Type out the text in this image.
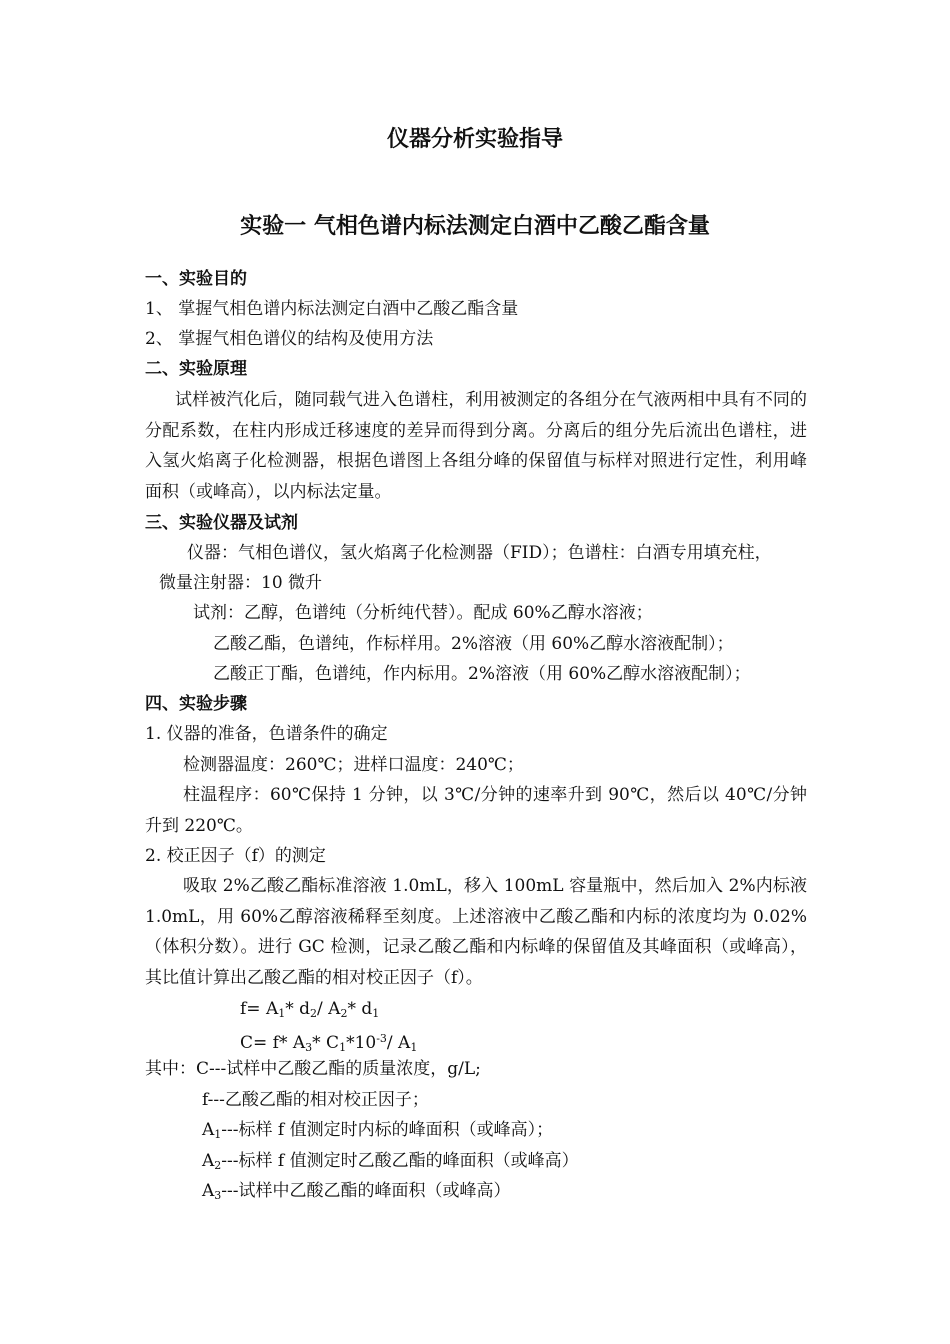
仪器分析实验指导
实验一 气相色谱内标法测定白酒中乙酸乙酯含量
一、实验目的
1、 掌握气相色谱内标法测定白酒中乙酸乙酯含量
2、 掌握气相色谱仪的结构及使用方法
二、实验原理
试样被汽化后，随同载气进入色谱柱，利用被测定的各组分在气液两相中具有不同的分配系数，在柱内形成迁移速度的差异而得到分离。分离后的组分先后流出色谱柱，进入氢火焰离子化检测器，根据色谱图上各组分峰的保留值与标样对照进行定性，利用峰面积（或峰高），以内标法定量。
三、实验仪器及试剂
仪器：气相色谱仪，氢火焰离子化检测器（FID）；色谱柱：白酒专用填充柱，
微量注射器：10 微升
试剂：乙醇，色谱纯（分析纯代替）。配成 60%乙醇水溶液；
乙酸乙酯，色谱纯，作标样用。2%溶液（用 60%乙醇水溶液配制）；
乙酸正丁酯，色谱纯，作内标用。2%溶液（用 60%乙醇水溶液配制）；
四、实验步骤
1. 仪器的准备，色谱条件的确定
检测器温度：260℃；进样口温度：240℃；
柱温程序：60℃保持 1 分钟，以 3℃/分钟的速率升到 90℃，然后以 40℃/分钟升到 220℃。
2. 校正因子（f）的测定
吸取 2%乙酸乙酯标准溶液 1.0mL，移入 100mL 容量瓶中，然后加入 2%内标液 1.0mL，用 60%乙醇溶液稀释至刻度。上述溶液中乙酸乙酯和内标的浓度均为 0.02%（体积分数）。进行 GC 检测，记录乙酸乙酯和内标峰的保留值及其峰面积（或峰高），其比值计算出乙酸乙酯的相对校正因子（f）。
$f= A_1*$ $d_2/$ $A_2*$ $d_1$
C= f* $A_3*$ $C_1*10^{-3}/$ $A_1$
其中：C---试样中乙酸乙酯的质量浓度，g/L;
f---乙酸乙酯的相对校正因子；
$A_1---$标样 f 值测定时内标的峰面积（或峰高）；
$A_2---$标样 f 值测定时乙酸乙酯的峰面积（或峰高）
$A_3---$试样中乙酸乙酯的峰面积（或峰高）
